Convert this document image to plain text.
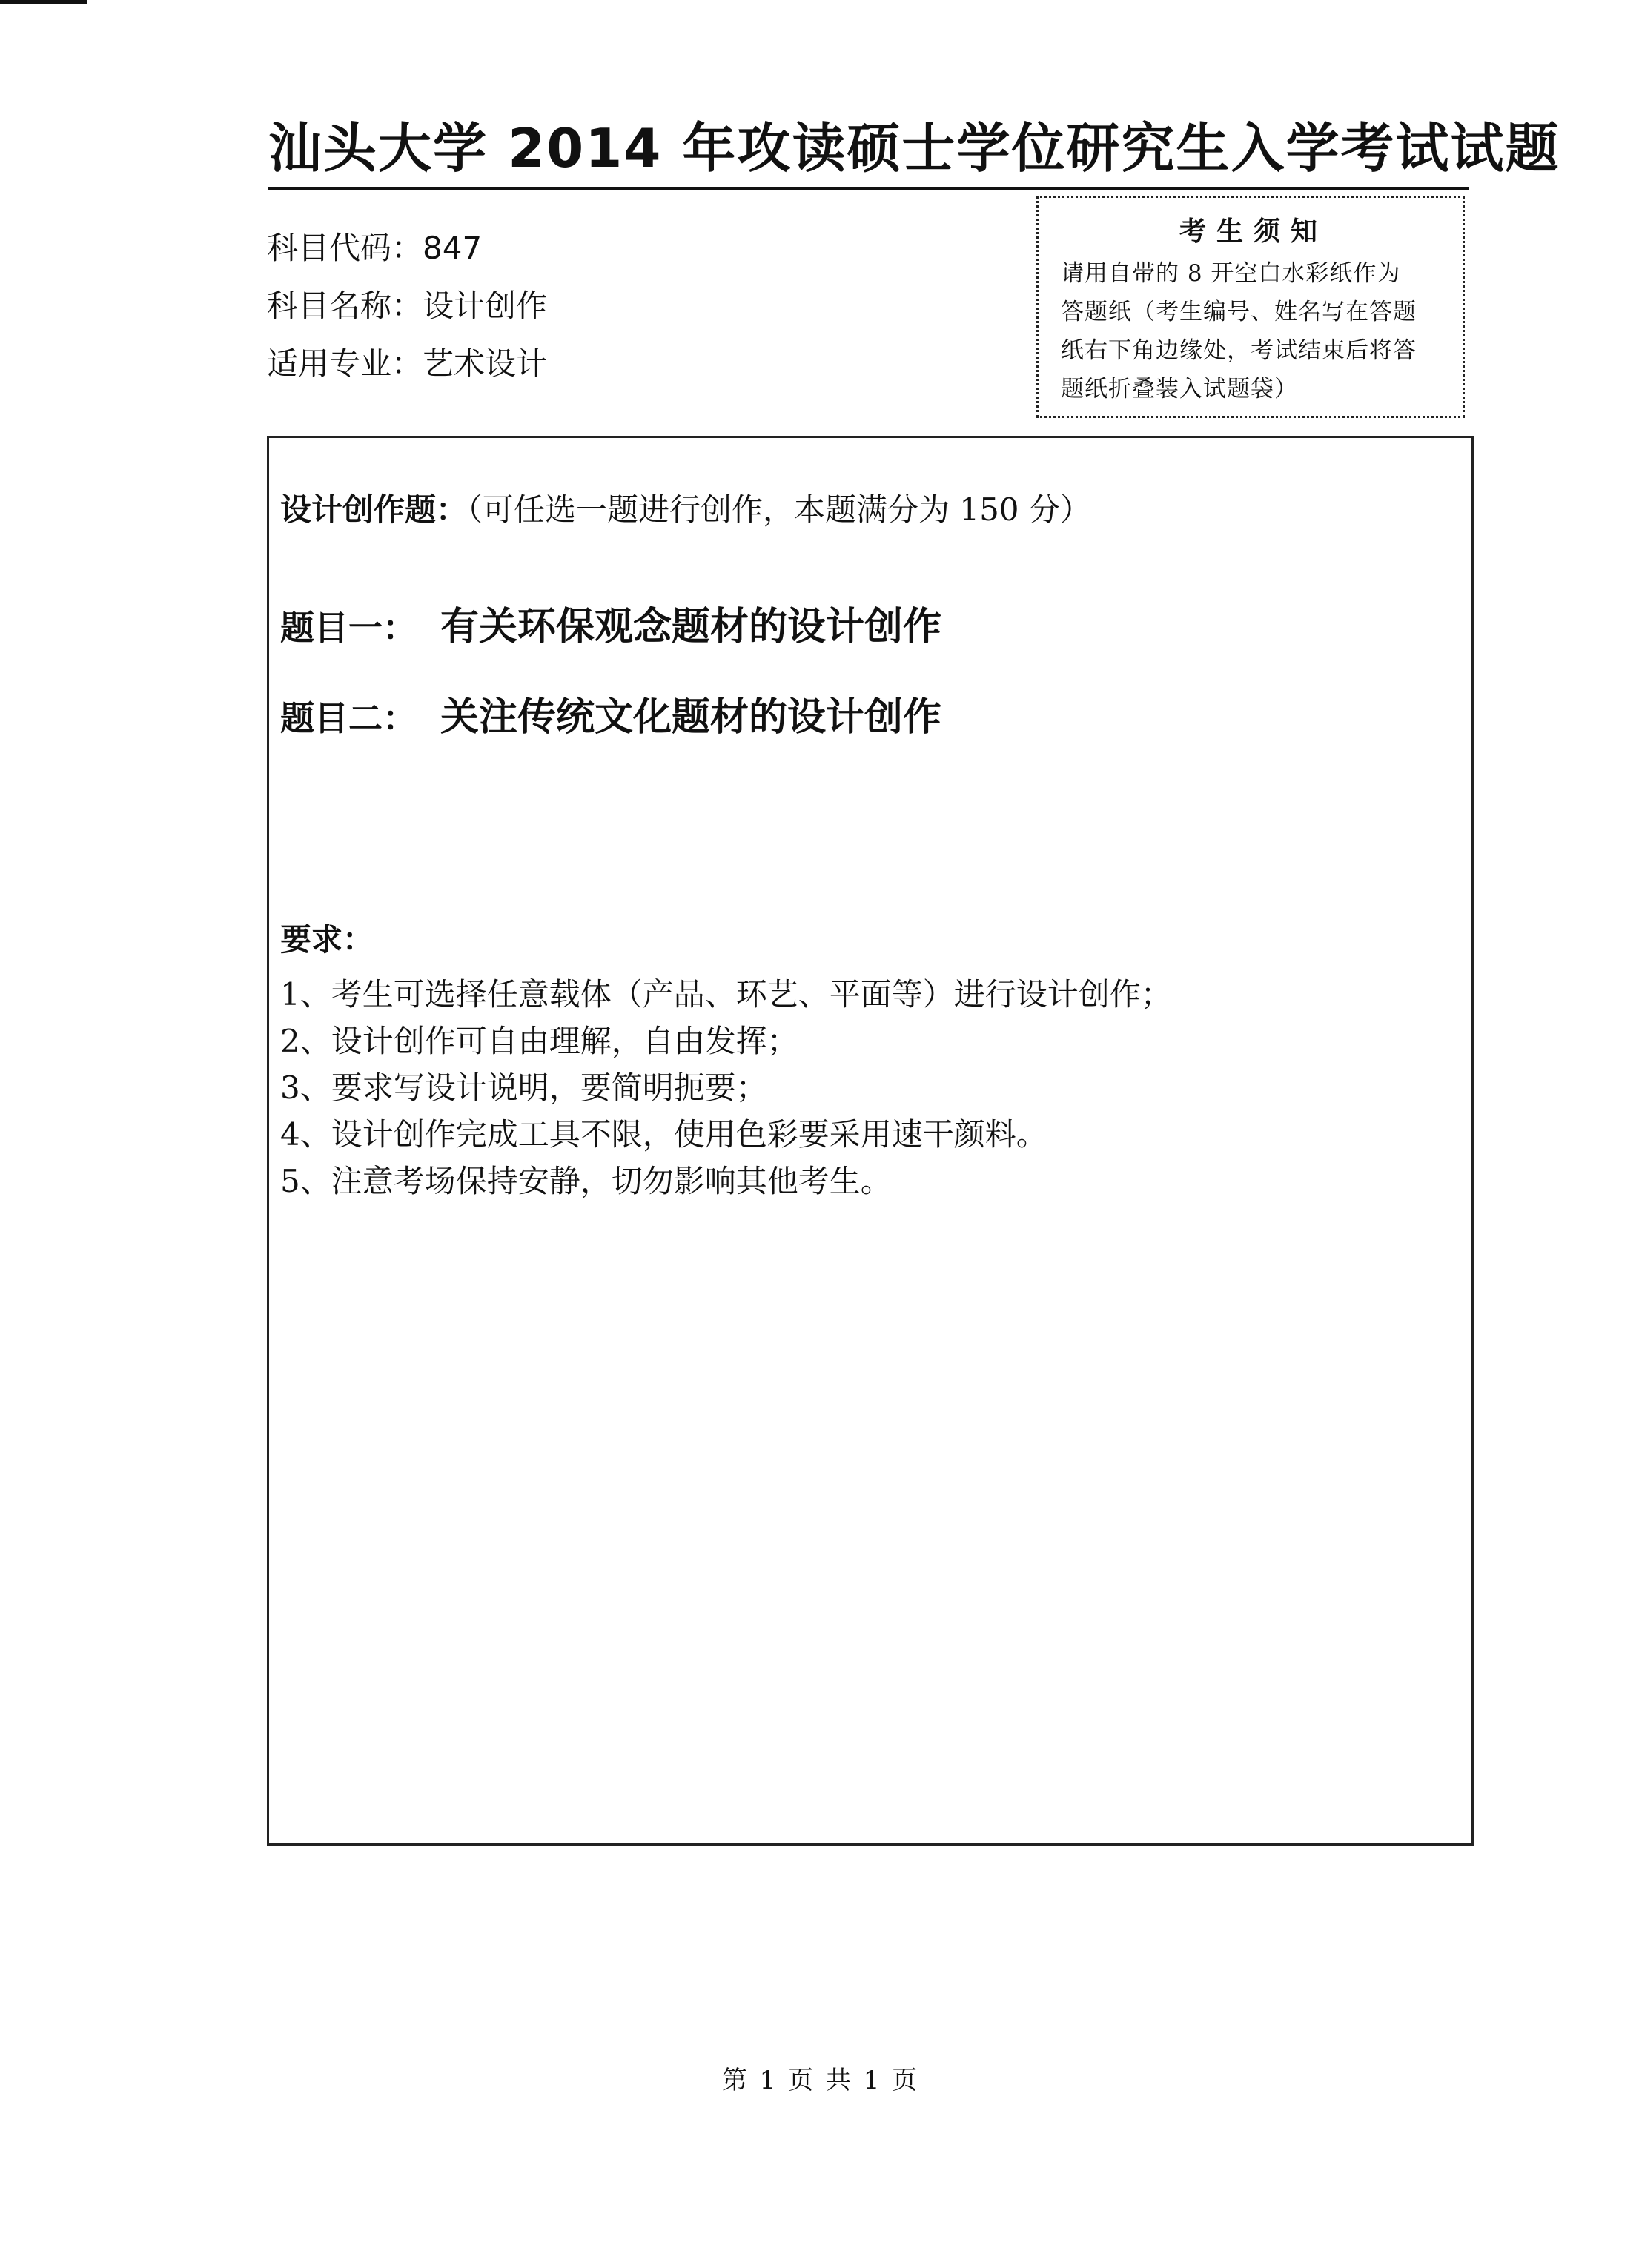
汕头大学 2014 年攻读硕士学位研究生入学考试试题
科目代码：847
科目名称：设计创作
适用专业：艺术设计
考生须知
请用自带的 8 开空白水彩纸作为
答题纸（考生编号、姓名写在答题
纸右下角边缘处，考试结束后将答
题纸折叠装入试题袋）
设计创作题：（可任选一题进行创作，本题满分为 150 分）
题目一： 有关环保观念题材的设计创作
题目二： 关注传统文化题材的设计创作
要求：
1、考生可选择任意载体（产品、环艺、平面等）进行设计创作；
2、设计创作可自由理解，自由发挥；
3、要求写设计说明，要简明扼要；
4、设计创作完成工具不限，使用色彩要采用速干颜料。
5、注意考场保持安静，切勿影响其他考生。
第 1 页 共 1 页
